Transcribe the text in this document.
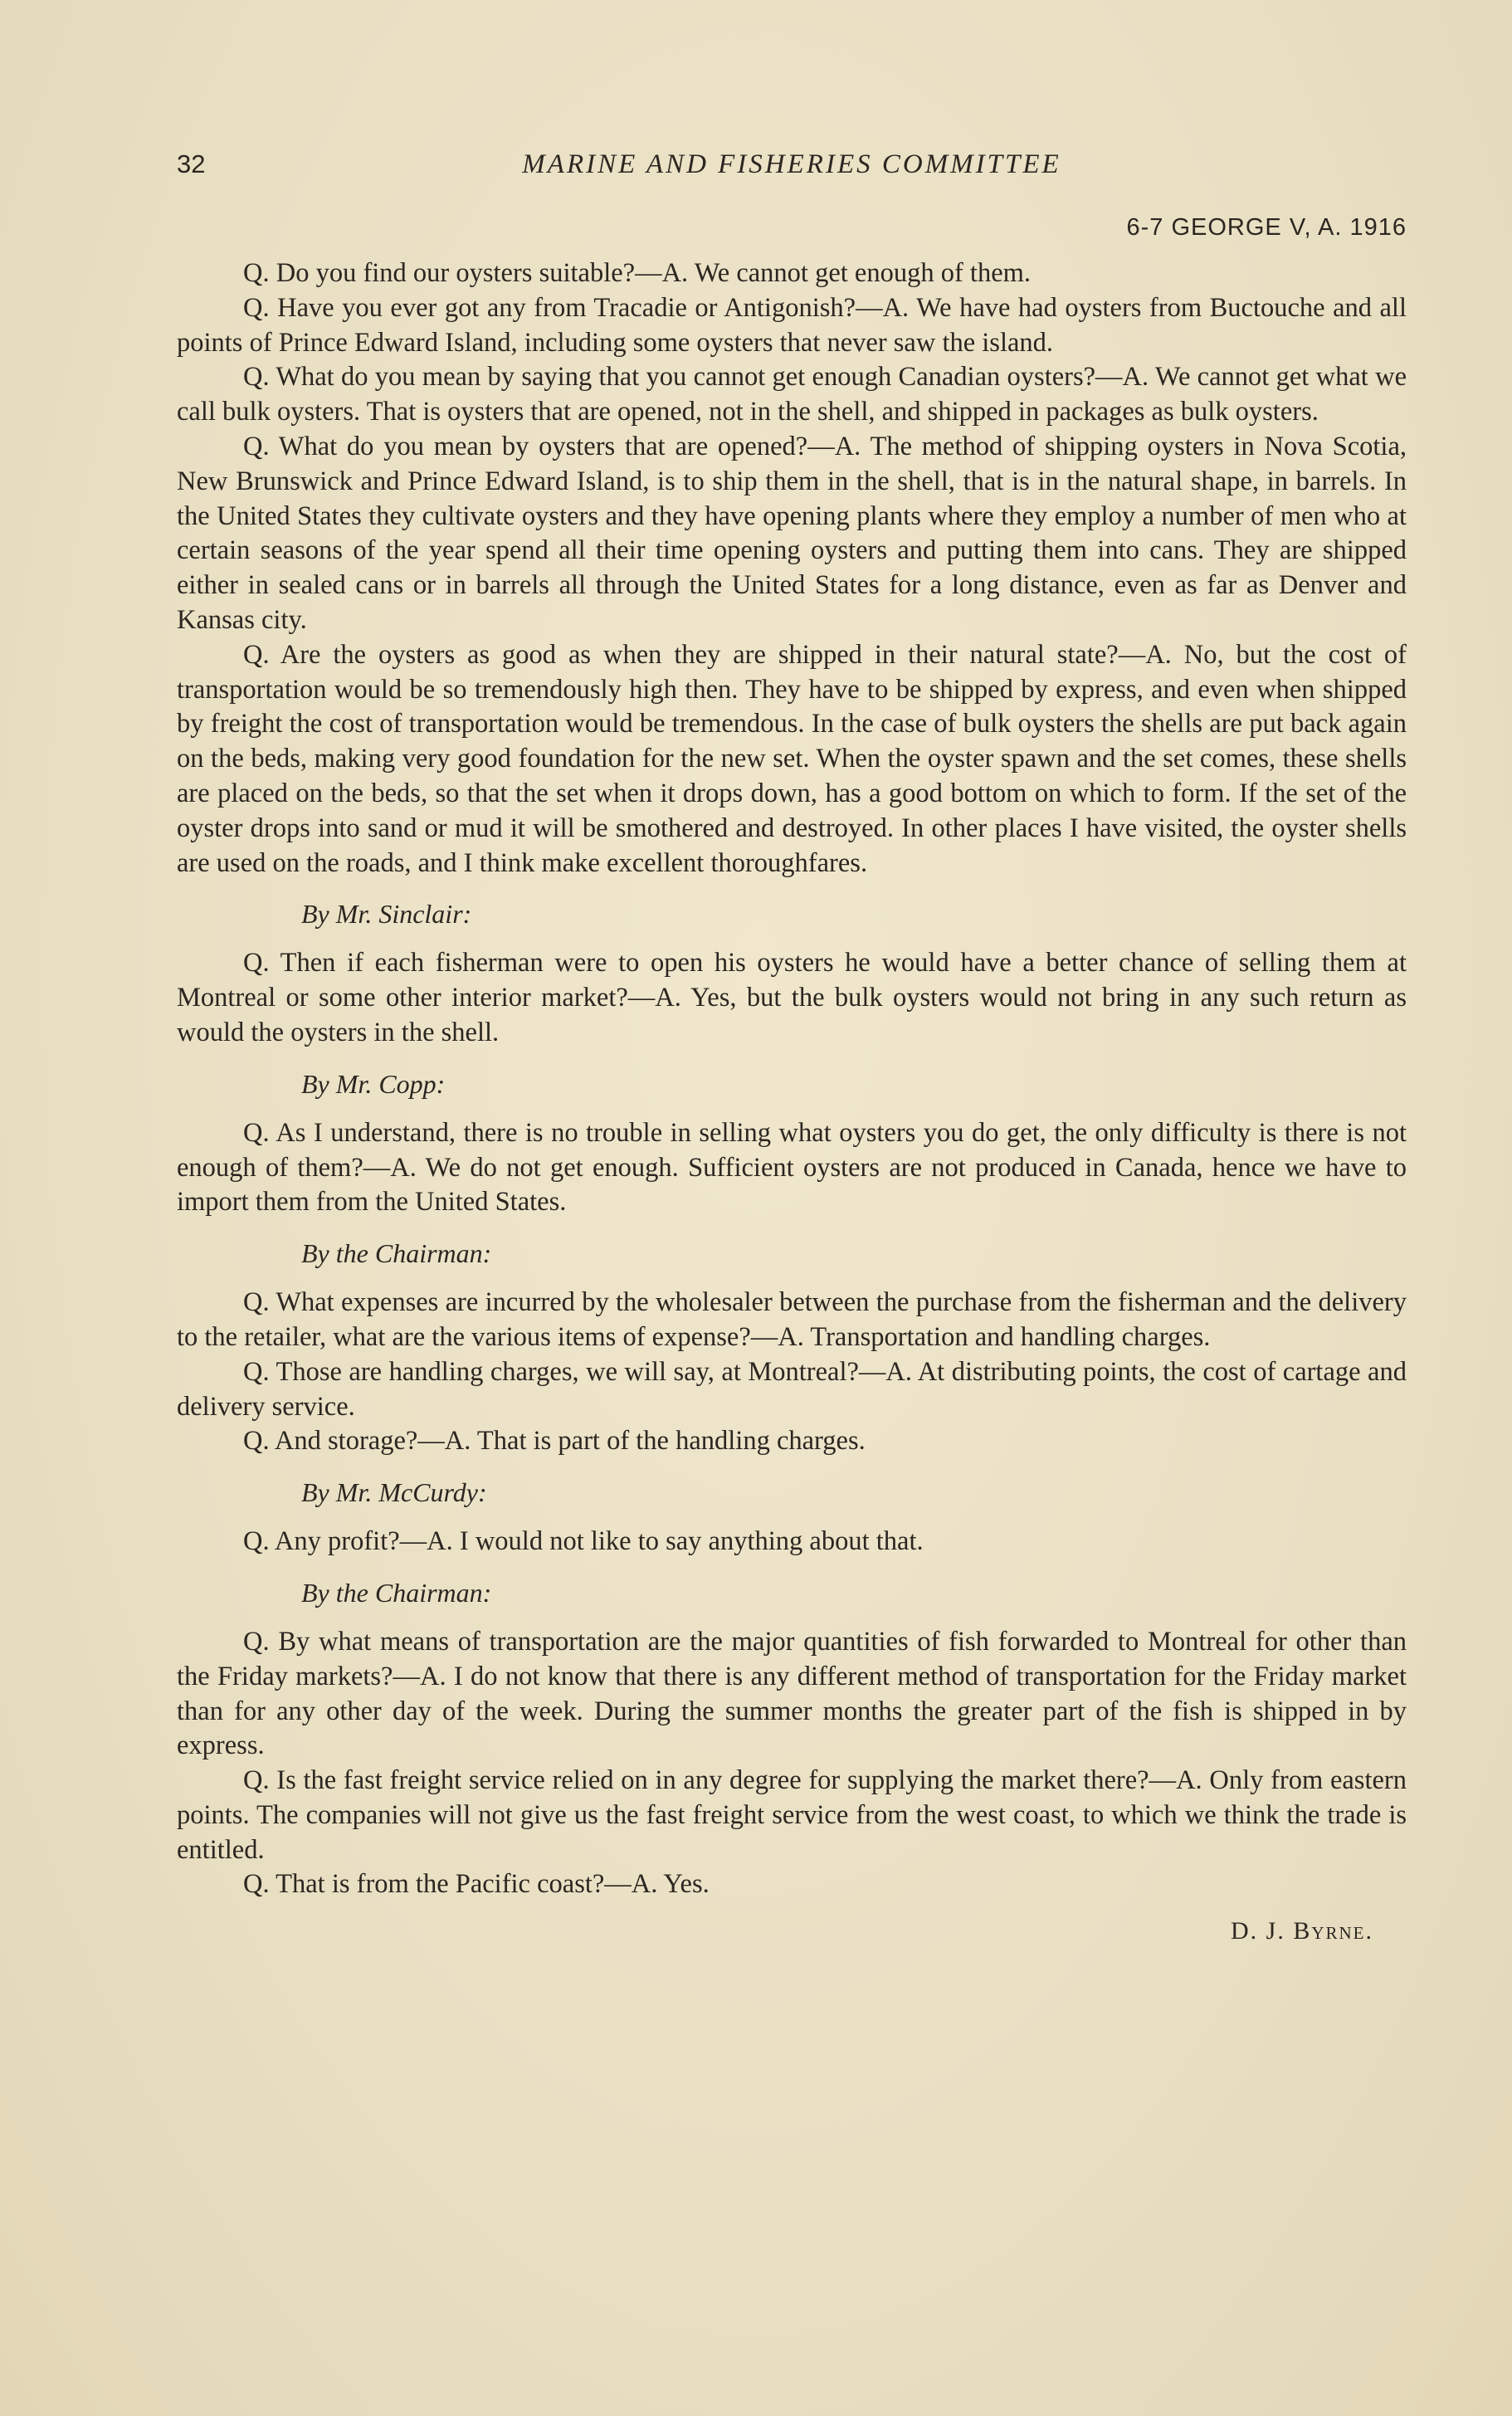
32	MARINE AND FISHERIES COMMITTEE
6-7 GEORGE V, A. 1916

Q. Do you find our oysters suitable?—A. We cannot get enough of them.

Q. Have you ever got any from Tracadie or Antigonish?—A. We have had oysters from Buctouche and all points of Prince Edward Island, including some oysters that never saw the island.

Q. What do you mean by saying that you cannot get enough Canadian oysters?—A. We cannot get what we call bulk oysters. That is oysters that are opened, not in the shell, and shipped in packages as bulk oysters.

Q. What do you mean by oysters that are opened?—A. The method of shipping oysters in Nova Scotia, New Brunswick and Prince Edward Island, is to ship them in the shell, that is in the natural shape, in barrels. In the United States they cultivate oysters and they have opening plants where they employ a number of men who at certain seasons of the year spend all their time opening oysters and putting them into cans. They are shipped either in sealed cans or in barrels all through the United States for a long distance, even as far as Denver and Kansas city.

Q. Are the oysters as good as when they are shipped in their natural state?—A. No, but the cost of transportation would be so tremendously high then. They have to be shipped by express, and even when shipped by freight the cost of transportation would be tremendous. In the case of bulk oysters the shells are put back again on the beds, making very good foundation for the new set. When the oyster spawn and the set comes, these shells are placed on the beds, so that the set when it drops down, has a good bottom on which to form. If the set of the oyster drops into sand or mud it will be smothered and destroyed. In other places I have visited, the oyster shells are used on the roads, and I think make excellent thoroughfares.

By Mr. Sinclair:

Q. Then if each fisherman were to open his oysters he would have a better chance of selling them at Montreal or some other interior market?—A. Yes, but the bulk oysters would not bring in any such return as would the oysters in the shell.

By Mr. Copp:

Q. As I understand, there is no trouble in selling what oysters you do get, the only difficulty is there is not enough of them?—A. We do not get enough. Sufficient oysters are not produced in Canada, hence we have to import them from the United States.

By the Chairman:

Q. What expenses are incurred by the wholesaler between the purchase from the fisherman and the delivery to the retailer, what are the various items of expense?—A. Transportation and handling charges.

Q. Those are handling charges, we will say, at Montreal?—A. At distributing points, the cost of cartage and delivery service.

Q. And storage?—A. That is part of the handling charges.

By Mr. McCurdy:

Q. Any profit?—A. I would not like to say anything about that.

By the Chairman:

Q. By what means of transportation are the major quantities of fish forwarded to Montreal for other than the Friday markets?—A. I do not know that there is any different method of transportation for the Friday market than for any other day of the week. During the summer months the greater part of the fish is shipped in by express.

Q. Is the fast freight service relied on in any degree for supplying the market there?—A. Only from eastern points. The companies will not give us the fast freight service from the west coast, to which we think the trade is entitled.

Q. That is from the Pacific coast?—A. Yes.

D. J. Byrne.
